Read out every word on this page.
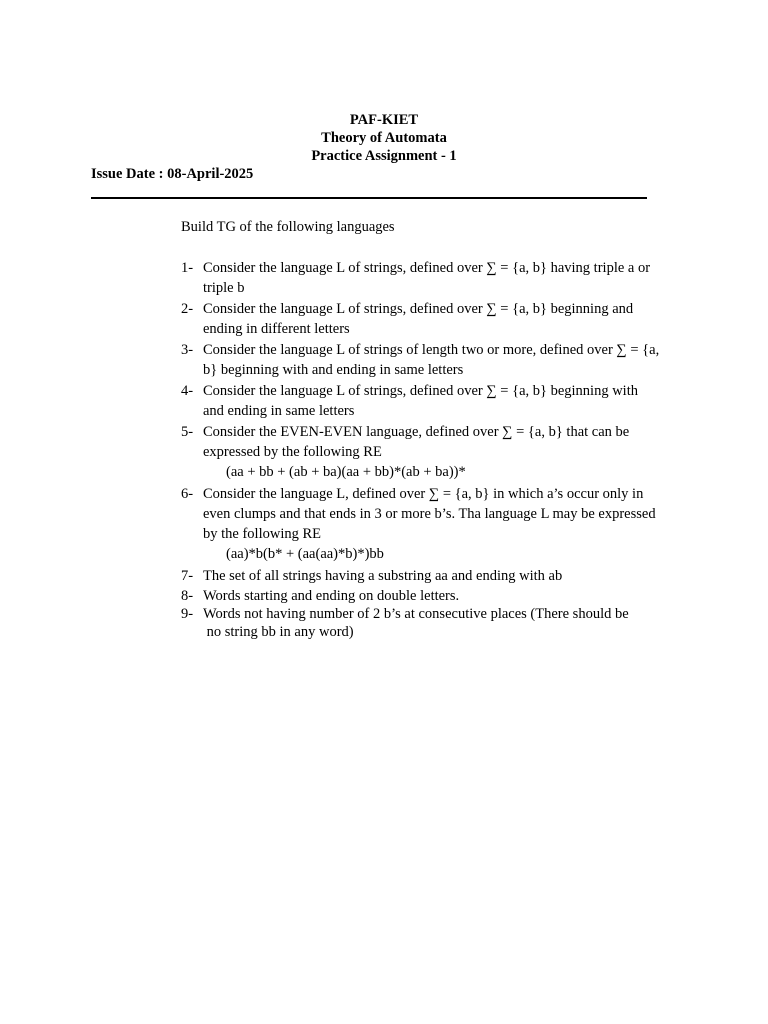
PAF-KIET
Theory of Automata
Practice Assignment - 1
Issue Date : 08-April-2025
Build TG of the following languages
1- Consider the language L of strings, defined over ∑ = {a, b} having triple a or
triple b
2- Consider the language L of strings, defined over ∑ = {a, b} beginning and
ending in different letters
3- Consider the language L of strings of length two or more, defined over ∑ = {a,
b} beginning with and ending in same letters
4- Consider the language L of strings, defined over ∑ = {a, b} beginning with
and ending in same letters
5- Consider the EVEN-EVEN language, defined over ∑ = {a, b} that can be
expressed by the following RE
(aa + bb + (ab + ba)(aa + bb)*(ab + ba))*
6- Consider the language L, defined over ∑ = {a, b} in which a’s occur only in
even clumps and that ends in 3 or more b’s. Tha language L may be expressed
by the following RE
(aa)*b(b* + (aa(aa)*b)*)bb
7- The set of all strings having a substring aa and ending with ab
8- Words starting and ending on double letters.
9- Words not having number of 2 b’s at consecutive places (There should be
no string bb in any word)
